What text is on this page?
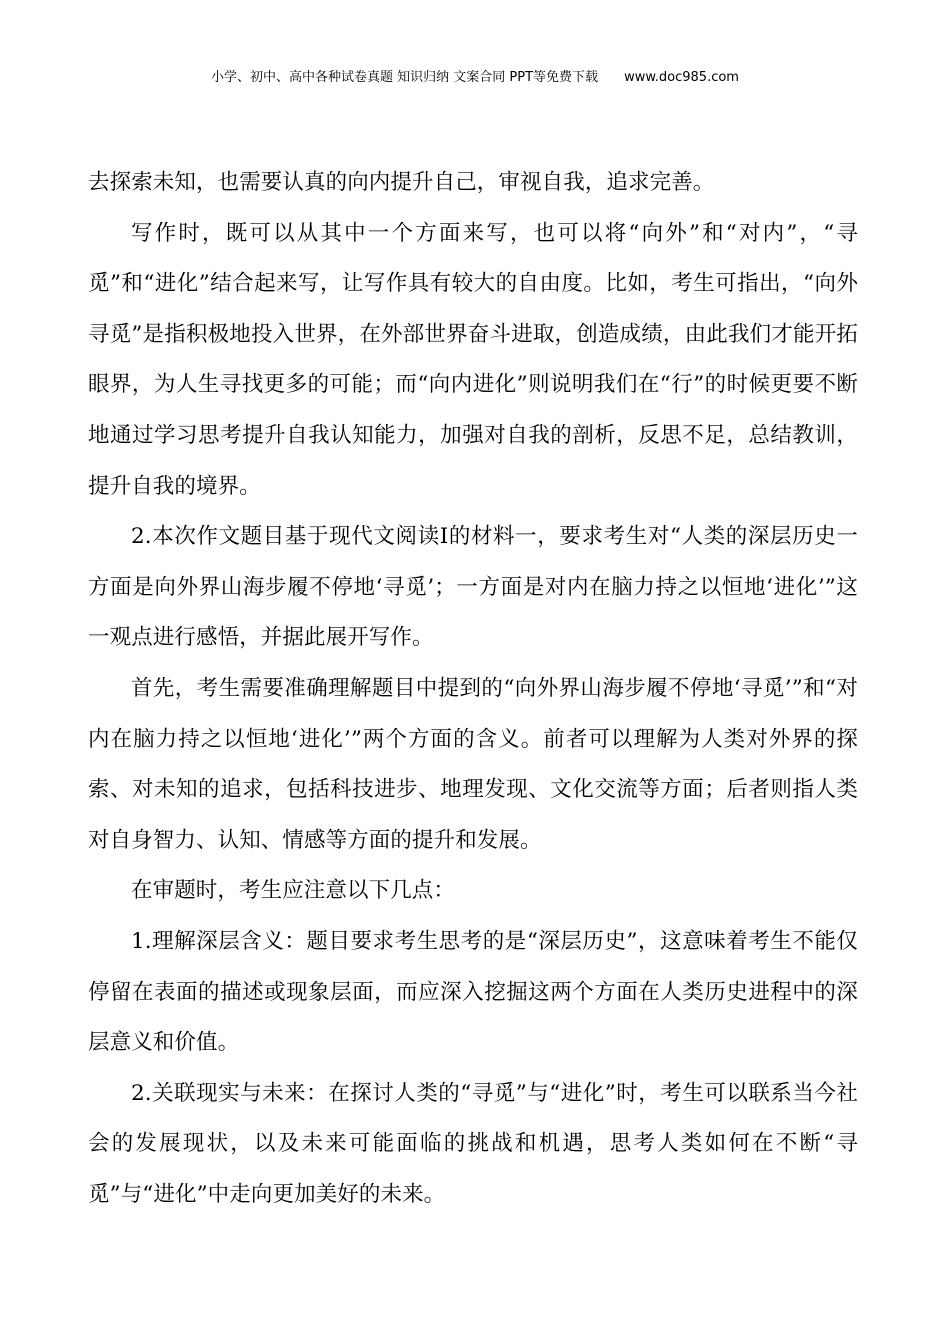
小学、初中、高中各种试卷真题 知识归纳 文案合同 PPT等免费下载 www.doc985.com

去探索未知，也需要认真的向内提升自己，审视自我，追求完善。

写作时，既可以从其中一个方面来写，也可以将“向外”和“对内”，“寻觅”和“进化”结合起来写，让写作具有较大的自由度。比如，考生可指出，“向外寻觅”是指积极地投入世界，在外部世界奋斗进取，创造成绩，由此我们才能开拓眼界，为人生寻找更多的可能；而“向内进化”则说明我们在“行”的时候更要不断地通过学习思考提升自我认知能力，加强对自我的剖析，反思不足，总结教训，提升自我的境界。

2.本次作文题目基于现代文阅读Ⅰ的材料一，要求考生对“人类的深层历史一方面是向外界山海步履不停地‘寻觅’；一方面是对内在脑力持之以恒地‘进化’”这一观点进行感悟，并据此展开写作。

首先，考生需要准确理解题目中提到的“向外界山海步履不停地‘寻觅’”和“对内在脑力持之以恒地‘进化’”两个方面的含义。前者可以理解为人类对外界的探索、对未知的追求，包括科技进步、地理发现、文化交流等方面；后者则指人类对自身智力、认知、情感等方面的提升和发展。

在审题时，考生应注意以下几点：

1.理解深层含义：题目要求考生思考的是“深层历史”，这意味着考生不能仅停留在表面的描述或现象层面，而应深入挖掘这两个方面在人类历史进程中的深层意义和价值。

2.关联现实与未来：在探讨人类的“寻觅”与“进化”时，考生可以联系当今社会的发展现状，以及未来可能面临的挑战和机遇，思考人类如何在不断“寻觅”与“进化”中走向更加美好的未来。
